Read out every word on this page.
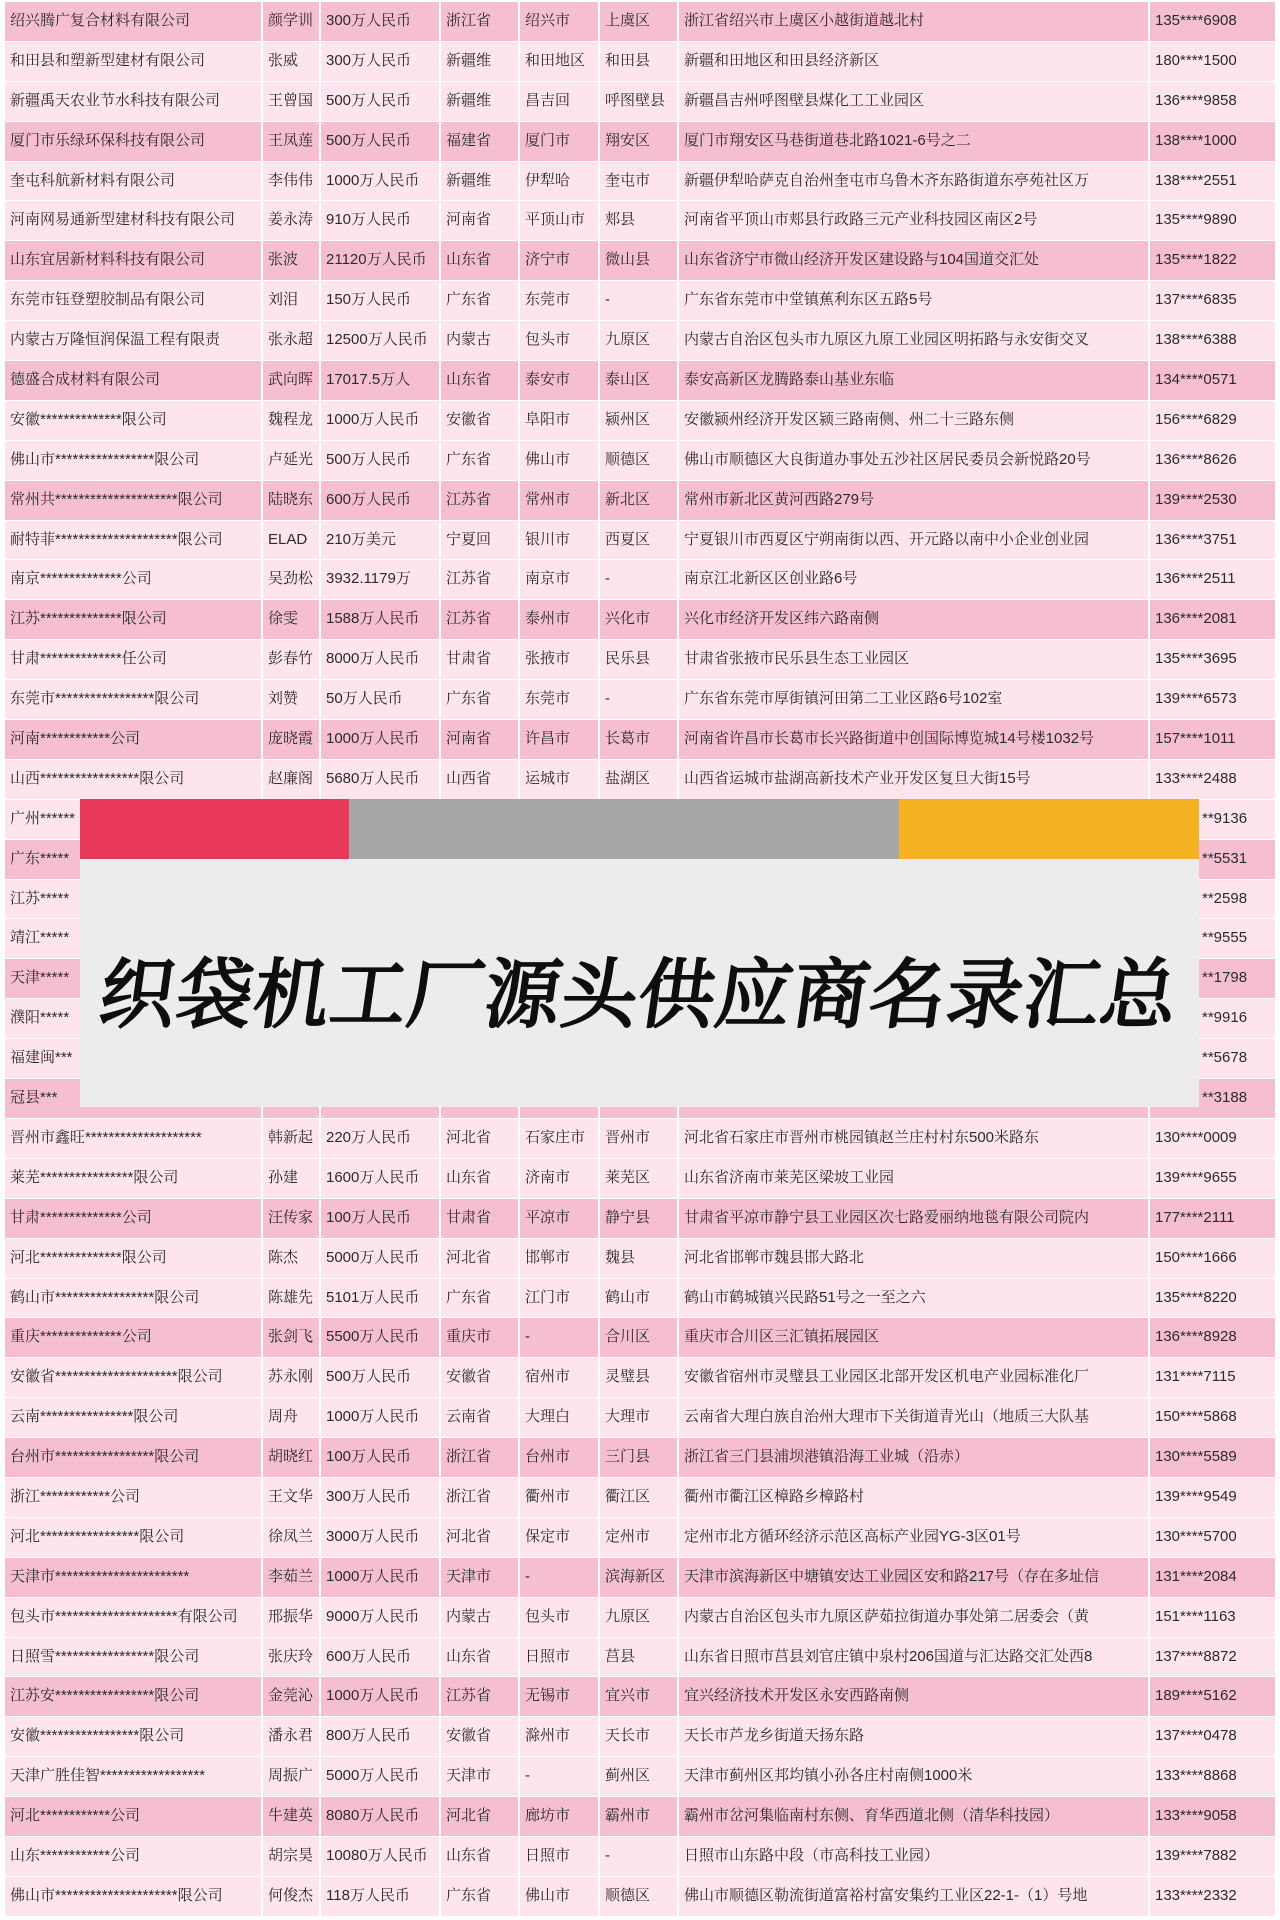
绍兴腾广复合材料有限公司	颜学训 300万人民币	浙江省	绍兴市	上虞区	浙江省绍兴市上虞区小越街道越北村	135****6908
和田县和塑新型建材有限公司	张威	300万人民币	新疆维	和田地区	和田县	新疆和田地区和田县经济新区	180****1500
新疆禹天农业节水科技有限公司	王曾国 500万人民币	新疆维	昌吉回	呼图壁县	新疆昌吉州呼图壁县煤化工工业园区	136****9858
厦门市乐绿环保科技有限公司	王凤莲 500万人民币	福建省	厦门市	翔安区	厦门市翔安区马巷街道巷北路1021-6号之二	138****1000
奎屯科航新材料有限公司	李伟伟 1000万人民币	新疆维	伊犁哈	奎屯市	新疆伊犁哈萨克自治州奎屯市乌鲁木齐东路街道东亭苑社区万	138****2551
河南网易通新型建材科技有限公司	姜永涛 910万人民币	河南省	平顶山市	郏县	河南省平顶山市郏县行政路三元产业科技园区南区2号	135****9890
山东宜居新材料科技有限公司	张波	21120万人民币	山东省	济宁市	微山县	山东省济宁市微山经济开发区建设路与104国道交汇处	135****1822
东莞市钰登塑胶制品有限公司	刘泪	150万人民币	广东省	东莞市	-	广东省东莞市中堂镇蕉利东区五路5号	137****6835
内蒙古万隆恒润保温工程有限责	张永超 12500万人民币	内蒙古	包头市	九原区	内蒙古自治区包头市九原区九原工业园区明拓路与永安街交叉	138****6388
德盛合成材料有限公司	武向晖 17017.5万人	山东省	泰安市	泰山区	泰安高新区龙腾路泰山基业东临	134****0571
安徽**************限公司	魏程龙 1000万人民币	安徽省	阜阳市	颍州区	安徽颍州经济开发区颍三路南侧、州二十三路东侧	156****6829
佛山市*****************限公司	卢延光 500万人民币	广东省	佛山市	顺德区	佛山市顺德区大良街道办事处五沙社区居民委员会新悦路20号	136****8626
常州共*********************限公司	陆晓东 600万人民币	江苏省	常州市	新北区	常州市新北区黄河西路279号	139****2530
耐特菲*********************限公司	ELAD	210万美元	宁夏回	银川市	西夏区	宁夏银川市西夏区宁朔南街以西、开元路以南中小企业创业园	136****3751
南京**************公司	吴劲松 3932.1179万	江苏省	南京市	-	南京江北新区区创业路6号	136****2511
江苏**************限公司	徐雯	1588万人民币	江苏省	泰州市	兴化市	兴化市经济开发区纬六路南侧	136****2081
甘肃**************任公司	彭春竹 8000万人民币	甘肃省	张掖市	民乐县	甘肃省张掖市民乐县生态工业园区	135****3695
东莞市*****************限公司	刘赞	50万人民币	广东省	东莞市	-	广东省东莞市厚街镇河田第二工业区路6号102室	139****6573
河南************公司	庞晓霞 1000万人民币	河南省	许昌市	长葛市	河南省许昌市长葛市长兴路街道中创国际博览城14号楼1032号	157****1011
山西*****************限公司	赵廉阁 5680万人民币	山西省	运城市	盐湖区	山西省运城市盐湖高新技术产业开发区复旦大街15号	133****2488
广州******	**9136
广东*****	**5531
江苏*****	**2598
靖江*****	**9555
天津*****	**1798
濮阳*****	**9916
福建闽***	**5678
冠县***	**3188
晋州市鑫旺********************	韩新起 220万人民币	河北省	石家庄市	晋州市	河北省石家庄市晋州市桃园镇赵兰庄村村东500米路东	130****0009
莱芜****************限公司	孙建	1600万人民币	山东省	济南市	莱芜区	山东省济南市莱芜区梁坡工业园	139****9655
甘肃**************公司	汪传家 100万人民币	甘肃省	平凉市	静宁县	甘肃省平凉市静宁县工业园区次七路爱丽纳地毯有限公司院内	177****2111
河北**************限公司	陈杰	5000万人民币	河北省	邯郸市	魏县	河北省邯郸市魏县邯大路北	150****1666
鹤山市*****************限公司	陈雄先 5101万人民币	广东省	江门市	鹤山市	鹤山市鹤城镇兴民路51号之一至之六	135****8220
重庆**************公司	张剑飞 5500万人民币	重庆市	-	合川区	重庆市合川区三汇镇拓展园区	136****8928
安徽省*********************限公司	苏永刚 500万人民币	安徽省	宿州市	灵璧县	安徽省宿州市灵璧县工业园区北部开发区机电产业园标准化厂	131****7115
云南****************限公司	周舟	1000万人民币	云南省	大理白	大理市	云南省大理白族自治州大理市下关街道青光山（地质三大队基	150****5868
台州市*****************限公司	胡晓红 100万人民币	浙江省	台州市	三门县	浙江省三门县浦坝港镇沿海工业城（沿赤）	130****5589
浙江************公司	王文华 300万人民币	浙江省	衢州市	衢江区	衢州市衢江区樟路乡樟路村	139****9549
河北*****************限公司	徐凤兰 3000万人民币	河北省	保定市	定州市	定州市北方循环经济示范区高标产业园YG-3区01号	130****5700
天津市***********************	李茹兰 1000万人民币	天津市	-	滨海新区	天津市滨海新区中塘镇安达工业园区安和路217号（存在多址信	131****2084
包头市*********************有限公司	邢振华 9000万人民币	内蒙古	包头市	九原区	内蒙古自治区包头市九原区萨茹拉街道办事处第二居委会（黄	151****1163
日照雪*****************限公司	张庆玲 600万人民币	山东省	日照市	莒县	山东省日照市莒县刘官庄镇中泉村206国道与汇达路交汇处西8	137****8872
江苏安*****************限公司	金莞沁 1000万人民币	江苏省	无锡市	宜兴市	宜兴经济技术开发区永安西路南侧	189****5162
安徽*****************限公司	潘永君 800万人民币	安徽省	滁州市	天长市	天长市芦龙乡街道天扬东路	137****0478
天津广胜佳智******************	周振广 5000万人民币	天津市	-	蓟州区	天津市蓟州区邦均镇小孙各庄村南侧1000米	133****8868
河北************公司	牛建英 8080万人民币	河北省	廊坊市	霸州市	霸州市岔河集临南村东侧、育华西道北侧（清华科技园）	133****9058
山东************公司	胡宗昊 10080万人民币	山东省	日照市	-	日照市山东路中段（市高科技工业园）	139****7882
佛山市*********************限公司	何俊杰 118万人民币	广东省	佛山市	顺德区	佛山市顺德区勒流街道富裕村富安集约工业区22-1-（1）号地	133****2332
织袋机工厂源头供应商名录汇总
